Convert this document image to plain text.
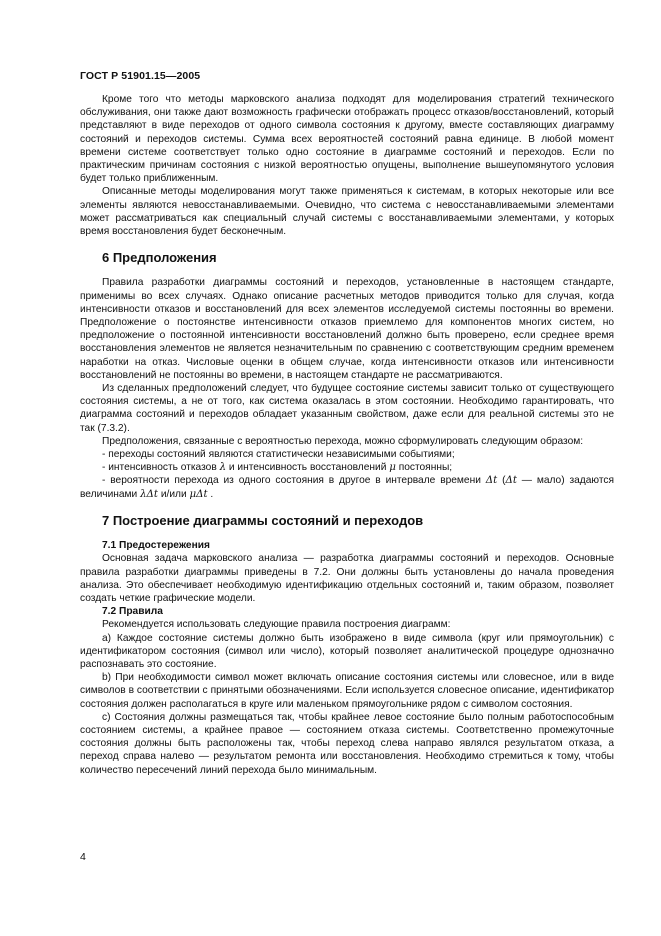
ГОСТ Р 51901.15—2005

Кроме того что методы марковского анализа подходят для моделирования стратегий технического обслуживания, они также дают возможность графически отображать процесс отказов/восстановлений, который представляют в виде переходов от одного символа состояния к другому, вместе составляющих диаграмму состояний и переходов системы. Сумма всех вероятностей состояний равна единице. В любой момент времени системе соответствует только одно состояние в диаграмме состояний и переходов. Если по практическим причинам состояния с низкой вероятностью опущены, выполнение вышеупомянутого условия будет только приближенным.

Описанные методы моделирования могут также применяться к системам, в которых некоторые или все элементы являются невосстанавливаемыми. Очевидно, что система с невосстанавливаемыми элементами может рассматриваться как специальный случай системы с восстанавливаемыми элементами, у которых время восстановления будет бесконечным.

6 Предположения

Правила разработки диаграммы состояний и переходов, установленные в настоящем стандарте, применимы во всех случаях. Однако описание расчетных методов приводится только для случая, когда интенсивности отказов и восстановлений для всех элементов исследуемой системы постоянны во времени. Предположение о постоянстве интенсивности отказов приемлемо для компонентов многих систем, но предположение о постоянной интенсивности восстановлений должно быть проверено, если среднее время восстановления элементов не является незначительным по сравнению с соответствующим средним временем наработки на отказ. Числовые оценки в общем случае, когда интенсивности отказов или интенсивности восстановлений не постоянны во времени, в настоящем стандарте не рассматриваются.

Из сделанных предположений следует, что будущее состояние системы зависит только от существующего состояния системы, а не от того, как система оказалась в этом состоянии. Необходимо гарантировать, что диаграмма состояний и переходов обладает указанным свойством, даже если для реальной системы это не так (7.3.2).

Предположения, связанные с вероятностью перехода, можно сформулировать следующим образом:

- переходы состояний являются статистически независимыми событиями;

- интенсивность отказов λ и интенсивность восстановлений μ постоянны;

- вероятности перехода из одного состояния в другое в интервале времени Δt (Δt — мало) задаются величинами λΔt и/или μΔt .

7 Построение диаграммы состояний и переходов
7.1 Предостережения

Основная задача марковского анализа — разработка диаграммы состояний и переходов. Основные правила разработки диаграммы приведены в 7.2. Они должны быть установлены до начала проведения анализа. Это обеспечивает необходимую идентификацию отдельных состояний и, таким образом, позволяет создать четкие графические модели.

7.2 Правила

Рекомендуется использовать следующие правила построения диаграмм:

a) Каждое состояние системы должно быть изображено в виде символа (круг или прямоугольник) с идентификатором состояния (символ или число), который позволяет аналитической процедуре однозначно распознавать это состояние.

b) При необходимости символ может включать описание состояния системы или словесное, или в виде символов в соответствии с принятыми обозначениями. Если используется словесное описание, идентификатор состояния должен располагаться в круге или маленьком прямоугольнике рядом с символом состояния.

c) Состояния должны размещаться так, чтобы крайнее левое состояние было полным работоспособным состоянием системы, а крайнее правое — состоянием отказа системы. Соответственно промежуточные состояния должны быть расположены так, чтобы переход слева направо являлся результатом отказа, а переход справа налево — результатом ремонта или восстановления. Необходимо стремиться к тому, чтобы количество пересечений линий перехода было минимальным.

4
